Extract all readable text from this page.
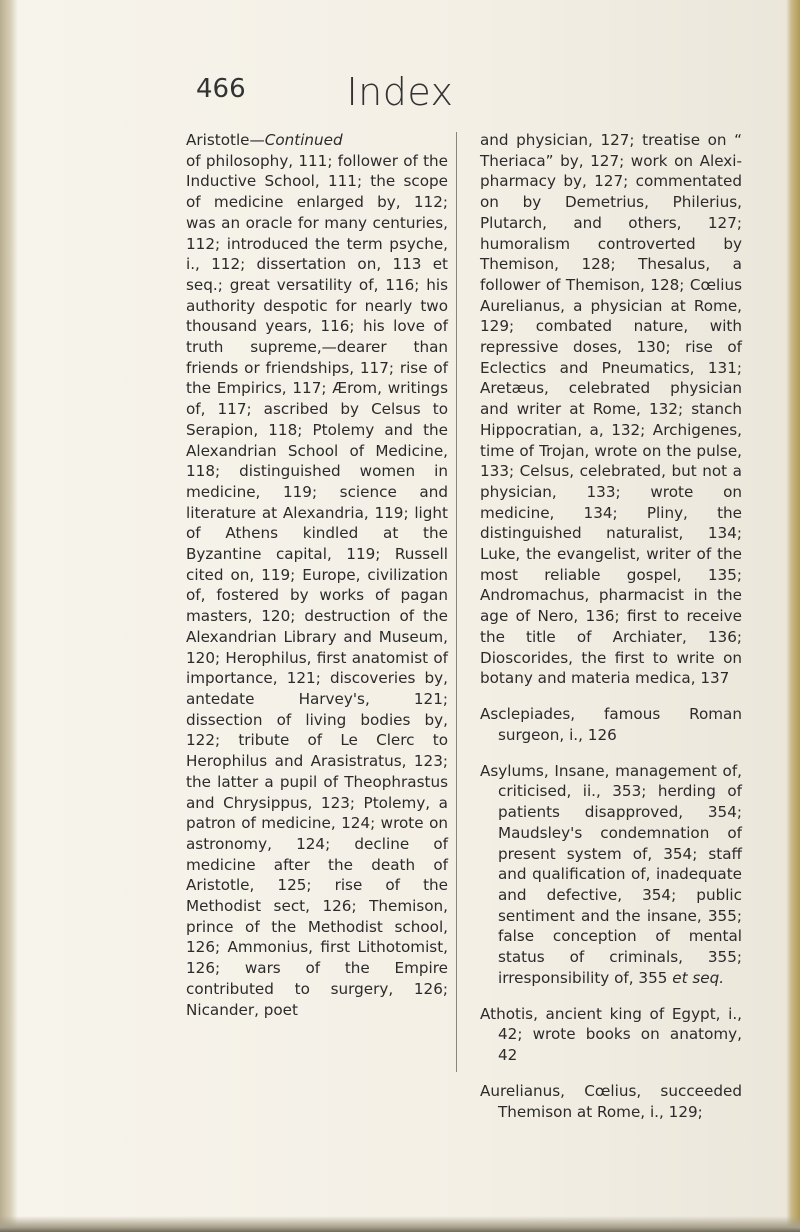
466	Index

Aristotle—Continued
of philosophy, 111; follower of the Inductive School, 111; the scope of medicine enlarged by, 112; was an oracle for many centuries, 112; introduced the term psyche, i., 112; dissertation on, 113 et seq.; great versatility of, 116; his authority despotic for nearly two thousand years, 116; his love of truth supreme,—dearer than friends or friendships, 117; rise of the Empirics, 117; Ærom, writings of, 117; ascribed by Celsus to Serapion, 118; Ptolemy and the Alexandrian School of Medicine, 118; distinguished women in medicine, 119; science and literature at Alexandria, 119; light of Athens kindled at the Byzantine capital, 119; Russell cited on, 119; Europe, civilization of, fostered by works of pagan masters, 120; destruction of the Alexandrian Library and Museum, 120; Herophilus, first anatomist of importance, 121; discoveries by, antedate Harvey's, 121; dissection of living bodies by, 122; tribute of Le Clerc to Herophilus and Arasistratus, 123; the latter a pupil of Theophrastus and Chrysippus, 123; Ptolemy, a patron of medicine, 124; wrote on astronomy, 124; decline of medicine after the death of Aristotle, 125; rise of the Methodist sect, 126; Themison, prince of the Methodist school, 126; Ammonius, first Lithotomist, 126; wars of the Empire contributed to surgery, 126; Nicander, poet

and physician, 127; treatise on “ Theriaca” by, 127; work on Alexi-pharmacy by, 127; commentated on by Demetrius, Philerius, Plutarch, and others, 127; humoralism controverted by Themison, 128; Thesalus, a follower of Themison, 128; Cœlius Aurelianus, a physician at Rome, 129; combated nature, with repressive doses, 130; rise of Eclectics and Pneumatics, 131; Aretæus, celebrated physician and writer at Rome, 132; stanch Hippocratian, a, 132; Archigenes, time of Trojan, wrote on the pulse, 133; Celsus, celebrated, but not a physician, 133; wrote on medicine, 134; Pliny, the distinguished naturalist, 134; Luke, the evangelist, writer of the most reliable gospel, 135; Andromachus, pharmacist in the age of Nero, 136; first to receive the title of Archiater, 136; Dioscorides, the first to write on botany and materia medica, 137

Asclepiades, famous Roman surgeon, i., 126

Asylums, Insane, management of, criticised, ii., 353; herding of patients disapproved, 354; Maudsley's condemnation of present system of, 354; staff and qualification of, inadequate and defective, 354; public sentiment and the insane, 355; false conception of mental status of criminals, 355; irresponsibility of, 355 et seq.

Athotis, ancient king of Egypt, i., 42; wrote books on anatomy, 42

Aurelianus, Cœlius, succeeded Themison at Rome, i., 129;
